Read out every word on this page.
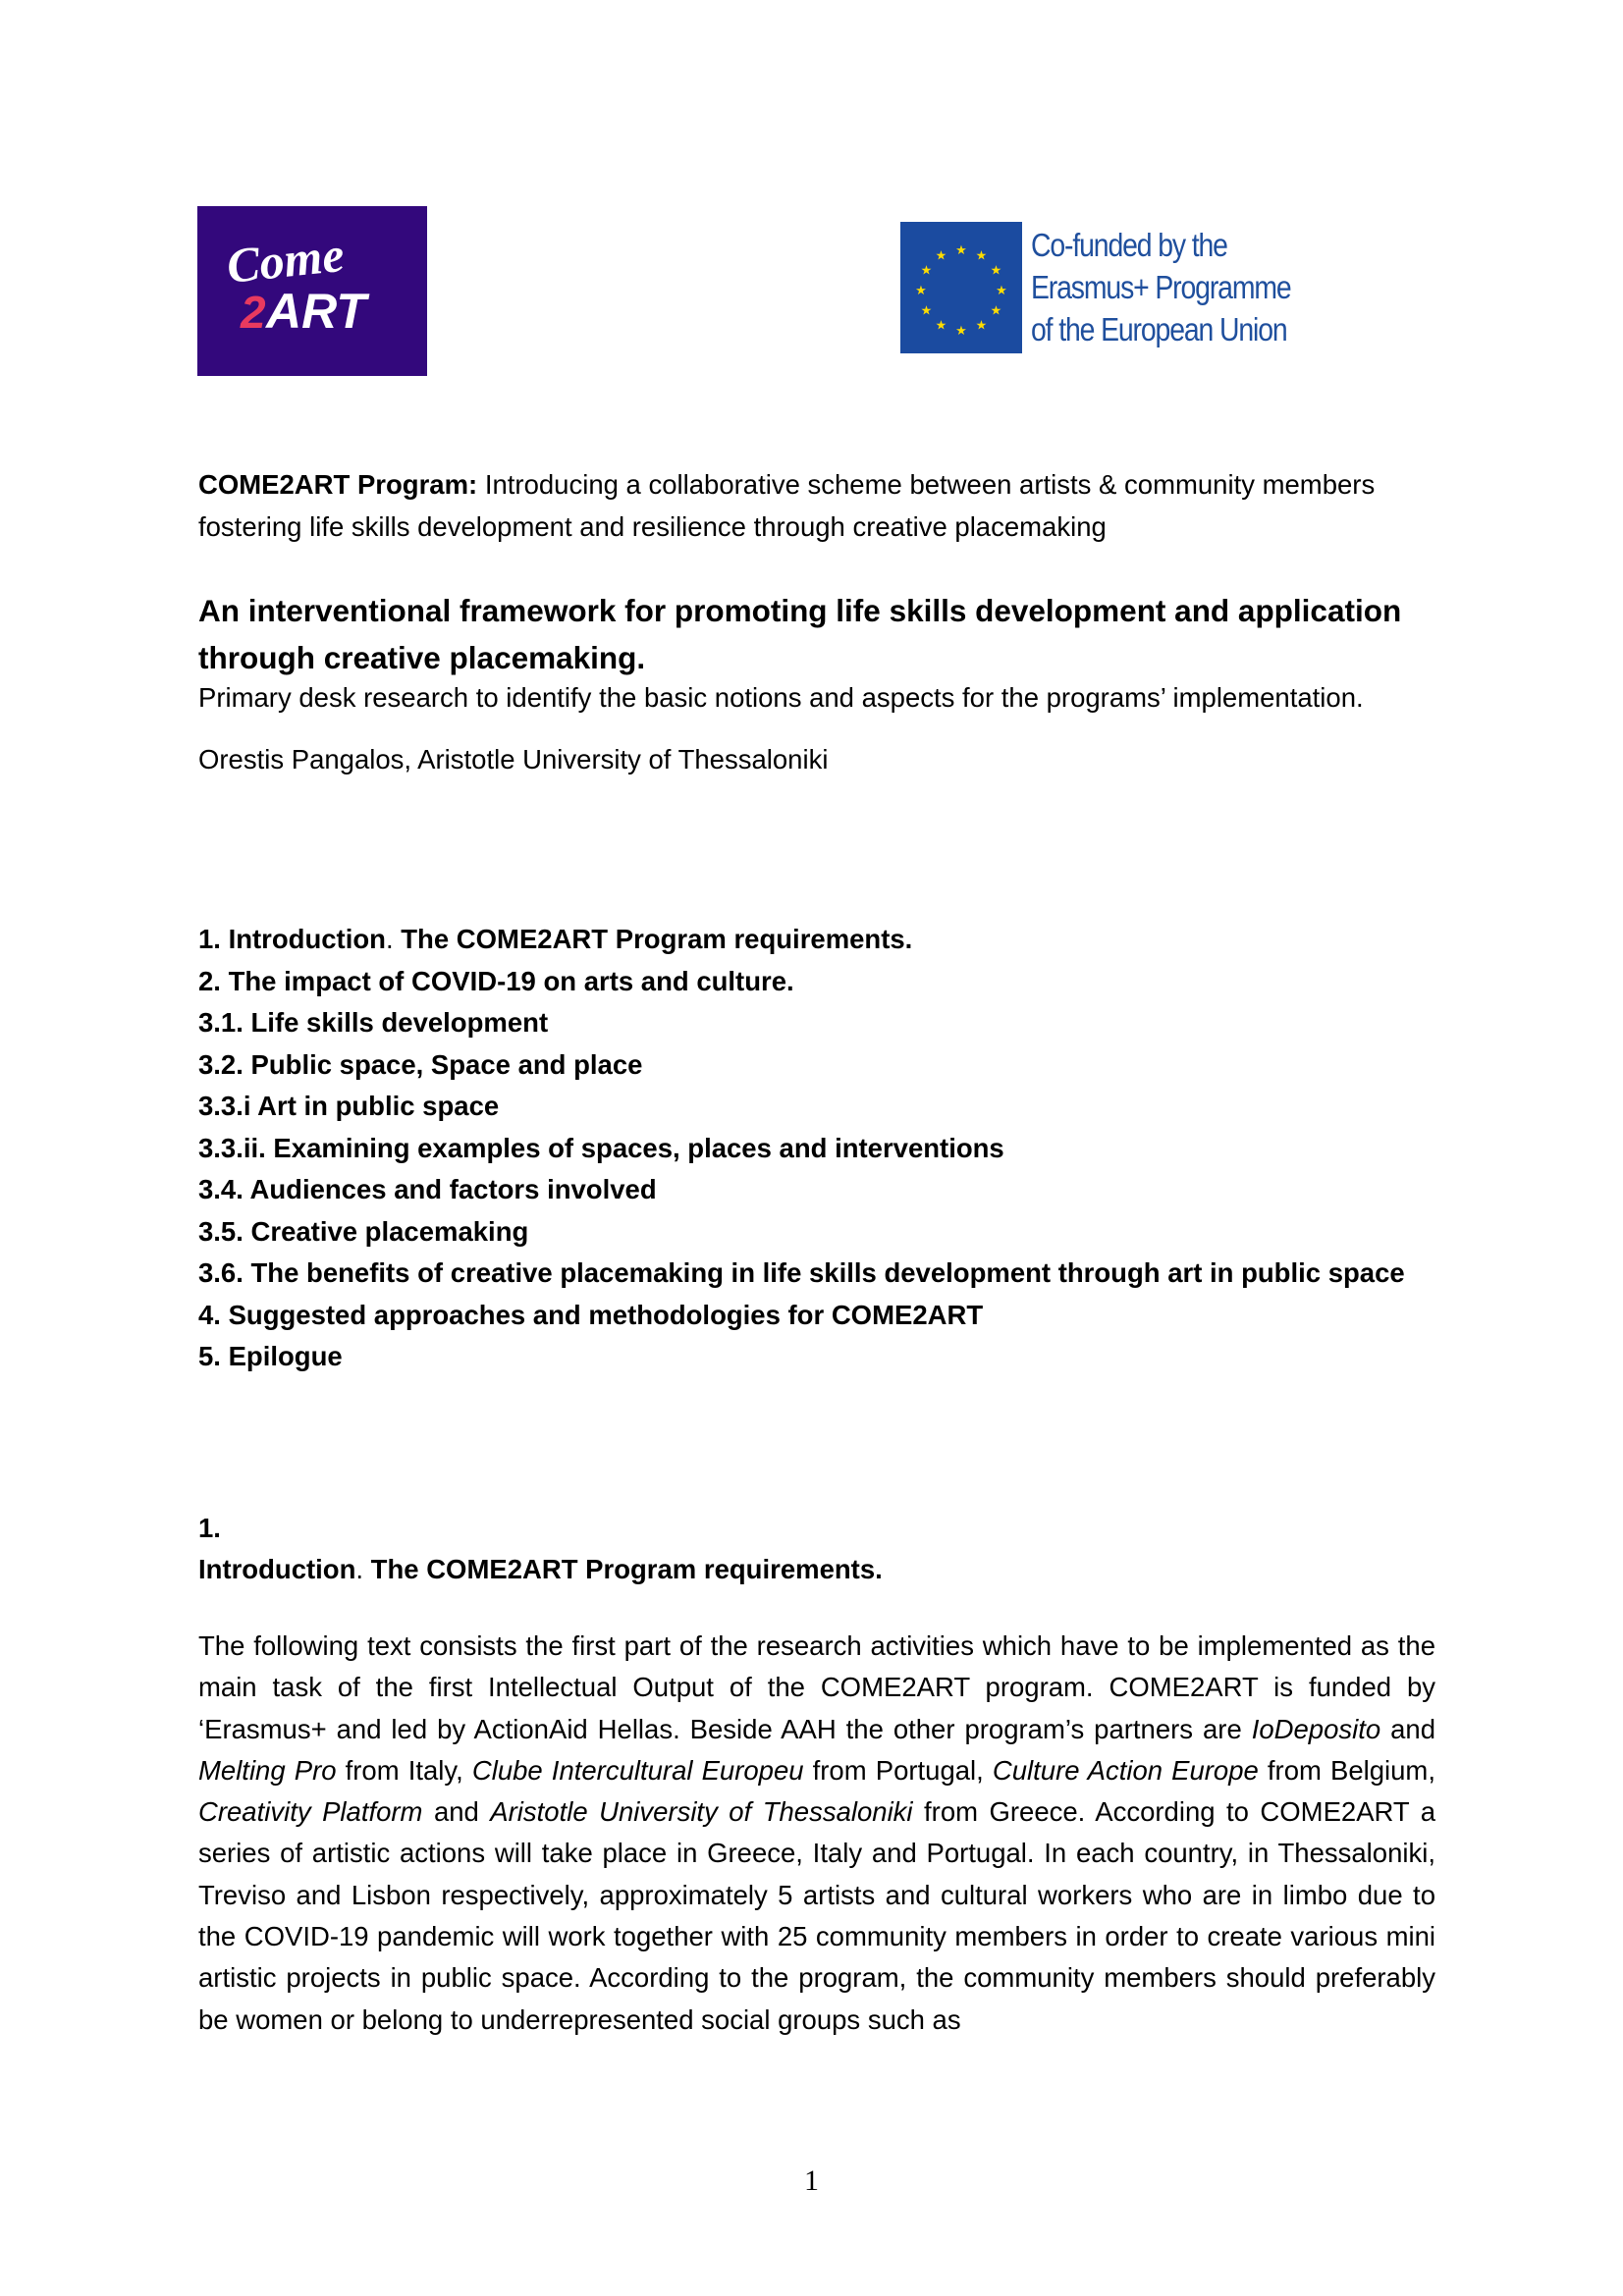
Come
2 ART
★ ★
★
★
★
★
★
★
★
★
★
★	Co-funded by the
Erasmus+ Programme
of the European Union

COME2ART Program: Introducing a collaborative scheme between artists & community members fostering life skills development and resilience through creative placemaking

An interventional framework for promoting life skills development and application through creative placemaking.

Primary desk research to identify the basic notions and aspects for the programs’ implementation.

Orestis Pangalos, Aristotle University of Thessaloniki

1. Introduction. The COME2ART Program requirements.
2. The impact of COVID-19 on arts and culture.
3.1. Life skills development
3.2. Public space, Space and place
3.3.i Art in public space
3.3.ii. Examining examples of spaces, places and interventions
3.4. Audiences and factors involved
3.5. Creative placemaking
3.6. The benefits of creative placemaking in life skills development through art in public space
4. Suggested approaches and methodologies for COME2ART
5. Epilogue
1.
Introduction. The COME2ART Program requirements.

The following text consists the first part of the research activities which have to be implemented as the main task of the first Intellectual Output of the COME2ART program. COME2ART is funded by ‘Erasmus+ and led by ActionAid Hellas. Beside AAH the other program’s partners are IoDeposito and Melting Pro from Italy, Clube Intercultural Europeu from Portugal, Culture Action Europe from Belgium, Creativity Platform and Aristotle University of Thessaloniki from Greece. According to COME2ART a series of artistic actions will take place in Greece, Italy and Portugal. In each country, in Thessaloniki, Treviso and Lisbon respectively, approximately 5 artists and cultural workers who are in limbo due to the COVID-19 pandemic will work together with 25 community members in order to create various mini artistic projects in public space. According to the program, the community members should preferably be women or belong to underrepresented social groups such as

1
